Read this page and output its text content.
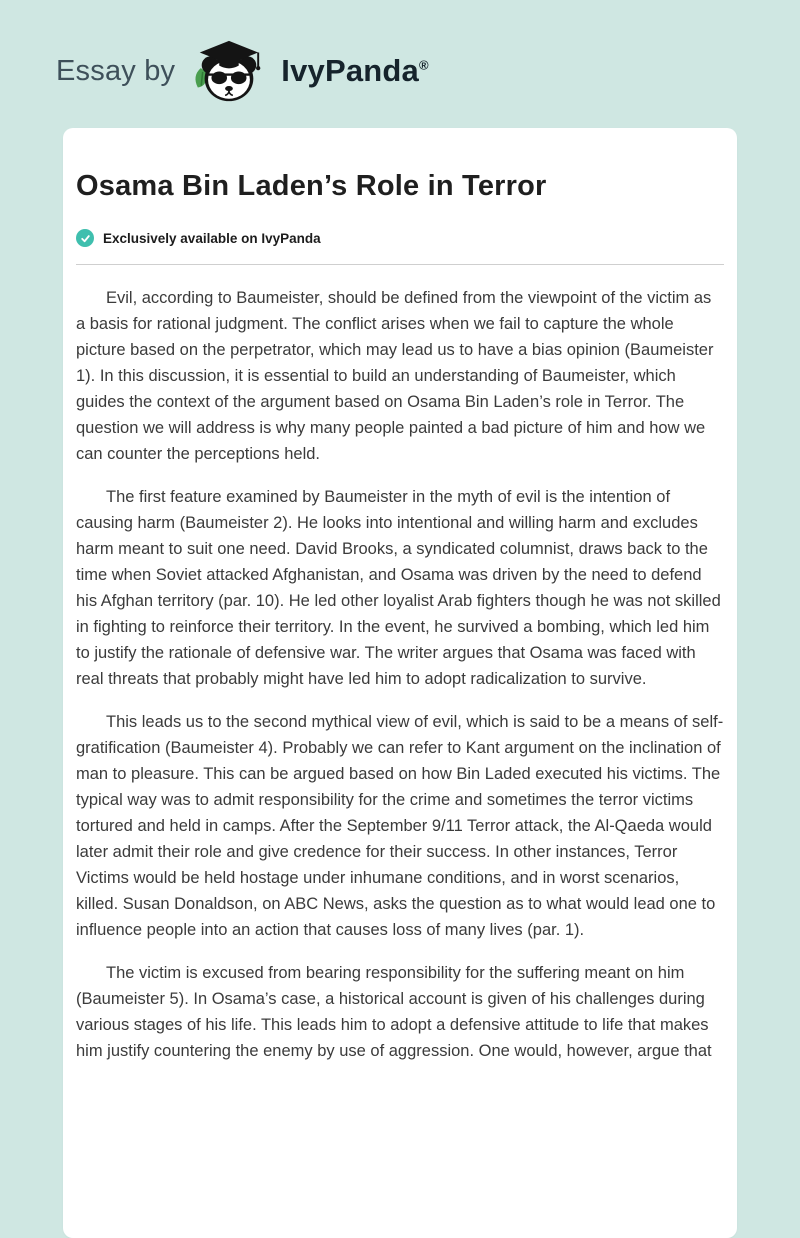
Essay by	IvyPanda®
Osama Bin Laden’s Role in Terror
Exclusively available on IvyPanda

Evil, according to Baumeister, should be defined from the viewpoint of the victim as a basis for rational judgment. The conflict arises when we fail to capture the whole picture based on the perpetrator, which may lead us to have a bias opinion (Baumeister 1). In this discussion, it is essential to build an understanding of Baumeister, which guides the context of the argument based on Osama Bin Laden’s role in Terror. The question we will address is why many people painted a bad picture of him and how we can counter the perceptions held.

The first feature examined by Baumeister in the myth of evil is the intention of causing harm (Baumeister 2). He looks into intentional and willing harm and excludes harm meant to suit one need. David Brooks, a syndicated columnist, draws back to the time when Soviet attacked Afghanistan, and Osama was driven by the need to defend his Afghan territory (par. 10). He led other loyalist Arab fighters though he was not skilled in fighting to reinforce their territory. In the event, he survived a bombing, which led him to justify the rationale of defensive war. The writer argues that Osama was faced with real threats that probably might have led him to adopt radicalization to survive.

This leads us to the second mythical view of evil, which is said to be a means of self-gratification (Baumeister 4). Probably we can refer to Kant argument on the inclination of man to pleasure. This can be argued based on how Bin Laded executed his victims. The typical way was to admit responsibility for the crime and sometimes the terror victims tortured and held in camps. After the September 9/11 Terror attack, the Al-Qaeda would later admit their role and give credence for their success. In other instances, Terror Victims would be held hostage under inhumane conditions, and in worst scenarios, killed. Susan Donaldson, on ABC News, asks the question as to what would lead one to influence people into an action that causes loss of many lives (par. 1).

The victim is excused from bearing responsibility for the suffering meant on him (Baumeister 5). In Osama’s case, a historical account is given of his challenges during various stages of his life. This leads him to adopt a defensive attitude to life that makes him justify countering the enemy by use of aggression. One would, however, argue that
